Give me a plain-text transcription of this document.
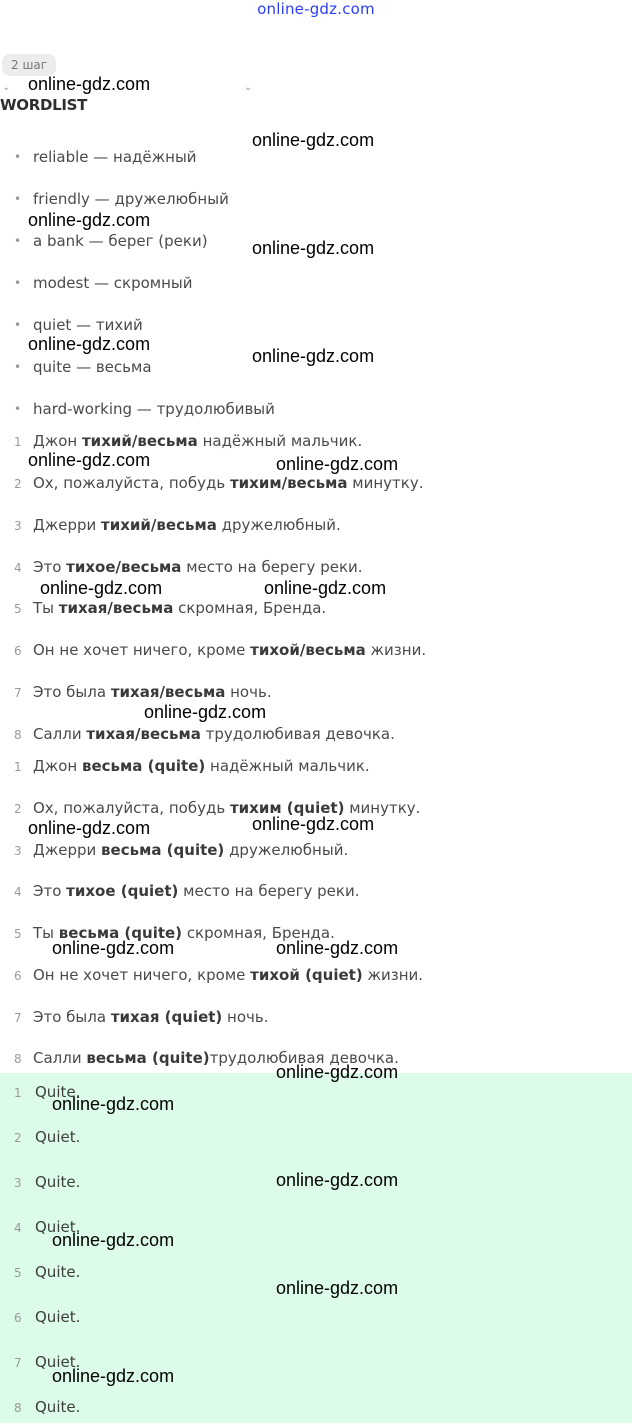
online-gdz.com
2 шаг
⌄	⌄
WORDLIST
• reliable — надёжный
• friendly — дружелюбный
• a bank — берег (реки)
• modest — скромный
• quiet — тихий
• quite — весьма
• hard-working — трудолюбивый
1 Джон тихий/весьма надёжный мальчик.
2 Ох, пожалуйста, побудь тихим/весьма минутку.
3 Джерри тихий/весьма дружелюбный.
4 Это тихое/весьма место на берегу реки.
5 Ты тихая/весьма скромная, Бренда.
6 Он не хочет ничего, кроме тихой/весьма жизни.
7 Это была тихая/весьма ночь.
8 Салли тихая/весьма трудолюбивая девочка.
1 Джон весьма (quite) надёжный мальчик.
2 Ох, пожалуйста, побудь тихим (quiet) минутку.
3 Джерри весьма (quite) дружелюбный.
4 Это тихое (quiet) место на берегу реки.
5 Ты весьма (quite) скромная, Бренда.
6 Он не хочет ничего, кроме тихой (quiet) жизни.
7 Это была тихая (quiet) ночь.
8 Салли весьма (quite)трудолюбивая девочка.
1 Quite.
2 Quiet.
3 Quite.
4 Quiet.
5 Quite.
6 Quiet.
7 Quiet.
8 Quite.
online-gdz.com
online-gdz.com
online-gdz.com
online-gdz.com
online-gdz.com
online-gdz.com
online-gdz.com	online-gdz.com
online-gdz.com	online-gdz.com
online-gdz.com
online-gdz.com	online-gdz.com
online-gdz.com	online-gdz.com
online-gdz.com
online-gdz.com
online-gdz.com
online-gdz.com
online-gdz.com
online-gdz.com
